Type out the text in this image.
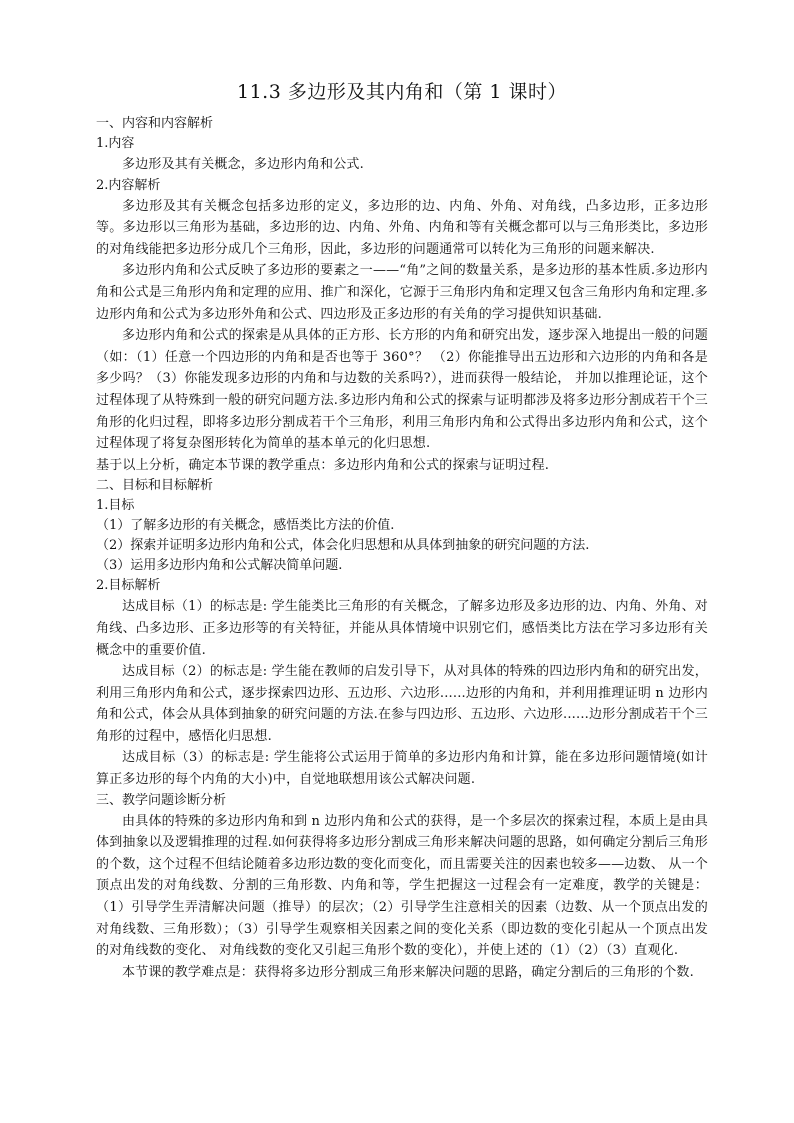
11.3 多边形及其内角和（第 1 课时）

一、内容和内容解析

1.内容

多边形及其有关概念，多边形内角和公式.

2.内容解析

多边形及其有关概念包括多边形的定义，多边形的边、内角、外角、对角线，凸多边形，正多边形等。多边形以三角形为基础，多边形的边、内角、外角、内角和等有关概念都可以与三角形类比，多边形的对角线能把多边形分成几个三角形，因此，多边形的问题通常可以转化为三角形的问题来解决.

多边形内角和公式反映了多边形的要素之一——“角”之间的数量关系，是多边形的基本性质.多边形内角和公式是三角形内角和定理的应用、推广和深化，它源于三角形内角和定理又包含三角形内角和定理.多边形内角和公式为多边形外角和公式、四边形及正多边形的有关角的学习提供知识基础.

多边形内角和公式的探索是从具体的正方形、长方形的内角和研究出发，逐步深入地提出一般的问题（如：（1）任意一个四边形的内角和是否也等于 360°？ （2）你能推导出五边形和六边形的内角和各是多少吗？（3）你能发现多边形的内角和与边数的关系吗?），进而获得一般结论， 并加以推理论证，这个过程体现了从特殊到一般的研究问题方法.多边形内角和公式的探索与证明都涉及将多边形分割成若干个三角形的化归过程，即将多边形分割成若干个三角形，利用三角形内角和公式得出多边形内角和公式，这个过程体现了将复杂图形转化为简单的基本单元的化归思想.

基于以上分析，确定本节课的教学重点：多边形内角和公式的探索与证明过程.

二、目标和目标解析

1.目标

（1）了解多边形的有关概念，感悟类比方法的价值.

（2）探索并证明多边形内角和公式，体会化归思想和从具体到抽象的研究问题的方法.

（3）运用多边形内角和公式解决简单问题.

2.目标解析

达成目标（1）的标志是: 学生能类比三角形的有关概念，了解多边形及多边形的边、内角、外角、对角线、凸多边形、正多边形等的有关特征，并能从具体情境中识别它们，感悟类比方法在学习多边形有关概念中的重要价值.

达成目标（2）的标志是: 学生能在教师的启发引导下，从对具体的特殊的四边形内角和的研究出发，利用三角形内角和公式，逐步探索四边形、五边形、六边形......边形的内角和，并利用推理证明 n 边形内角和公式，体会从具体到抽象的研究问题的方法.在参与四边形、五边形、六边形......边形分割成若干个三角形的过程中，感悟化归思想.

达成目标（3）的标志是: 学生能将公式运用于简单的多边形内角和计算，能在多边形问题情境(如计算正多边形的每个内角的大小)中，自觉地联想用该公式解决问题.

三、教学问题诊断分析

由具体的特殊的多边形内角和到 n 边形内角和公式的获得，是一个多层次的探索过程，本质上是由具体到抽象以及逻辑推理的过程.如何获得将多边形分割成三角形来解决问题的思路，如何确定分割后三角形的个数，这个过程不但结论随着多边形边数的变化而变化，而且需要关注的因素也较多——边数、 从一个顶点出发的对角线数、分割的三角形数、内角和等，学生把握这一过程会有一定难度，教学的关键是：（1）引导学生弄清解决问题（推导）的层次；（2）引导学生注意相关的因素（边数、从一个顶点出发的对角线数、三角形数）；（3）引导学生观察相关因素之间的变化关系（即边数的变化引起从一个顶点出发的对角线数的变化、 对角线数的变化又引起三角形个数的变化），并使上述的（1）（2）（3）直观化.

本节课的教学难点是：获得将多边形分割成三角形来解决问题的思路，确定分割后的三角形的个数.
